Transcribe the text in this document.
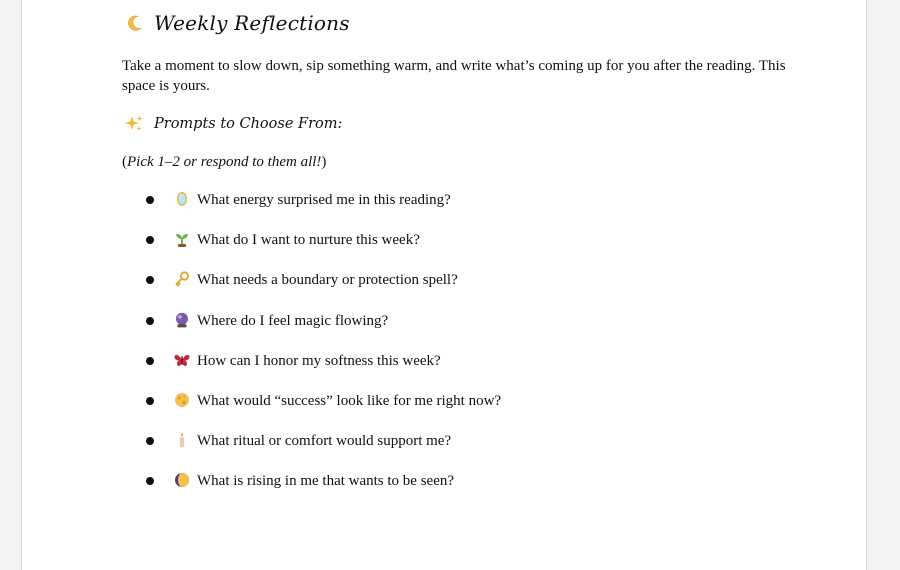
Weekly Reflections
Take a moment to slow down, sip something warm, and write what’s coming up for you after the reading. This space is yours.
Prompts to Choose From:
(Pick 1–2 or respond to them all!)
What energy surprised me in this reading?
What do I want to nurture this week?
What needs a boundary or protection spell?
Where do I feel magic flowing?
How can I honor my softness this week?
What would “success” look like for me right now?
What ritual or comfort would support me?
What is rising in me that wants to be seen?
